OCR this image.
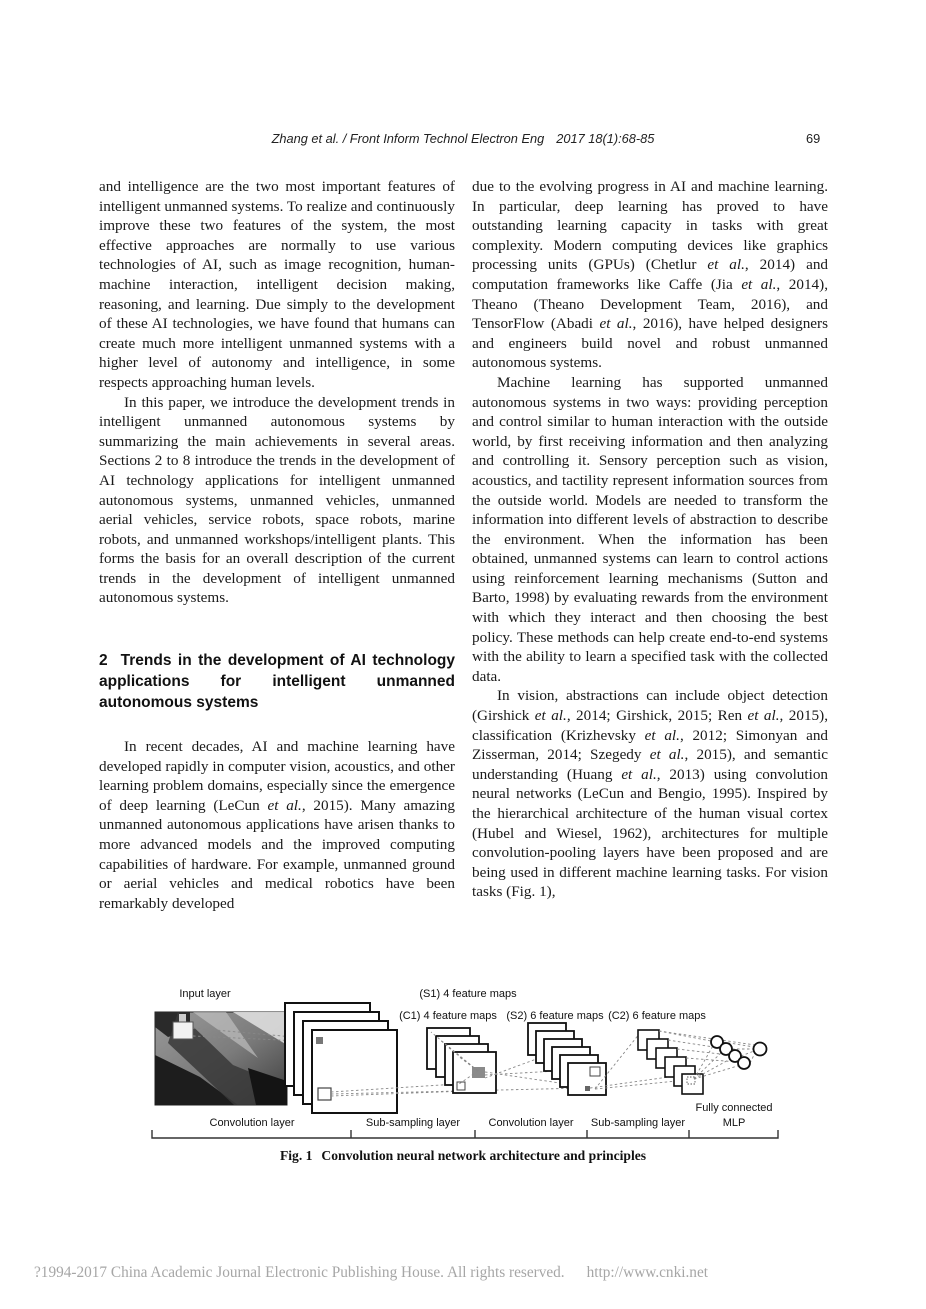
Zhang et al. / Front Inform Technol Electron Eng 2017 18(1):68-85	69

and intelligence are the two most important features of intelligent unmanned systems. To realize and continuously improve these two features of the system, the most effective approaches are normally to use various technologies of AI, such as image recognition, human-machine interaction, intelligent decision making, reasoning, and learning. Due simply to the development of these AI technologies, we have found that humans can create much more intelligent unmanned systems with a higher level of autonomy and intelligence, in some respects approaching human levels.

In this paper, we introduce the development trends in intelligent unmanned autonomous systems by summarizing the main achievements in several areas. Sections 2 to 8 introduce the trends in the development of AI technology applications for intelligent unmanned autonomous systems, unmanned vehicles, unmanned aerial vehicles, service robots, space robots, marine robots, and unmanned workshops/intelligent plants. This forms the basis for an overall description of the current trends in the development of intelligent unmanned autonomous systems.

2 Trends in the development of AI technology applications for intelligent unmanned autonomous systems

In recent decades, AI and machine learning have developed rapidly in computer vision, acoustics, and other learning problem domains, especially since the emergence of deep learning (LeCun et al., 2015). Many amazing unmanned autonomous applications have arisen thanks to more advanced models and the improved computing capabilities of hardware. For example, unmanned ground or aerial vehicles and medical robotics have been remarkably developed

due to the evolving progress in AI and machine learning. In particular, deep learning has proved to have outstanding learning capacity in tasks with great complexity. Modern computing devices like graphics processing units (GPUs) (Chetlur et al., 2014) and computation frameworks like Caffe (Jia et al., 2014), Theano (Theano Development Team, 2016), and TensorFlow (Abadi et al., 2016), have helped designers and engineers build novel and robust unmanned autonomous systems.

Machine learning has supported unmanned autonomous systems in two ways: providing perception and control similar to human interaction with the outside world, by first receiving information and then analyzing and controlling it. Sensory perception such as vision, acoustics, and tactility represent information sources from the outside world. Models are needed to transform the information into different levels of abstraction to describe the environment. When the information has been obtained, unmanned systems can learn to control actions using reinforcement learning mechanisms (Sutton and Barto, 1998) by evaluating rewards from the environment with which they interact and then choosing the best policy. These methods can help create end-to-end systems with the ability to learn a specified task with the collected data.

In vision, abstractions can include object detection (Girshick et al., 2014; Girshick, 2015; Ren et al., 2015), classification (Krizhevsky et al., 2012; Simonyan and Zisserman, 2014; Szegedy et al., 2015), and semantic understanding (Huang et al., 2013) using convolution neural networks (LeCun and Bengio, 1995). Inspired by the hierarchical architecture of the human visual cortex (Hubel and Wiesel, 1962), architectures for multiple convolution-pooling layers have been proposed and are being used in different machine learning tasks. For vision tasks (Fig. 1),

Input layer	(S1) 4 feature maps
(C1) 4 feature maps (S2) 6 feature maps (C2) 6 feature maps
Convolution layer	Sub-sampling layer	Convolution layer Sub-sampling layer
Fully connected
MLP
Fig. 1 Convolution neural network architecture and principles
?1994-2017 China Academic Journal Electronic Publishing House. All rights reserved. http://www.cnki.net
